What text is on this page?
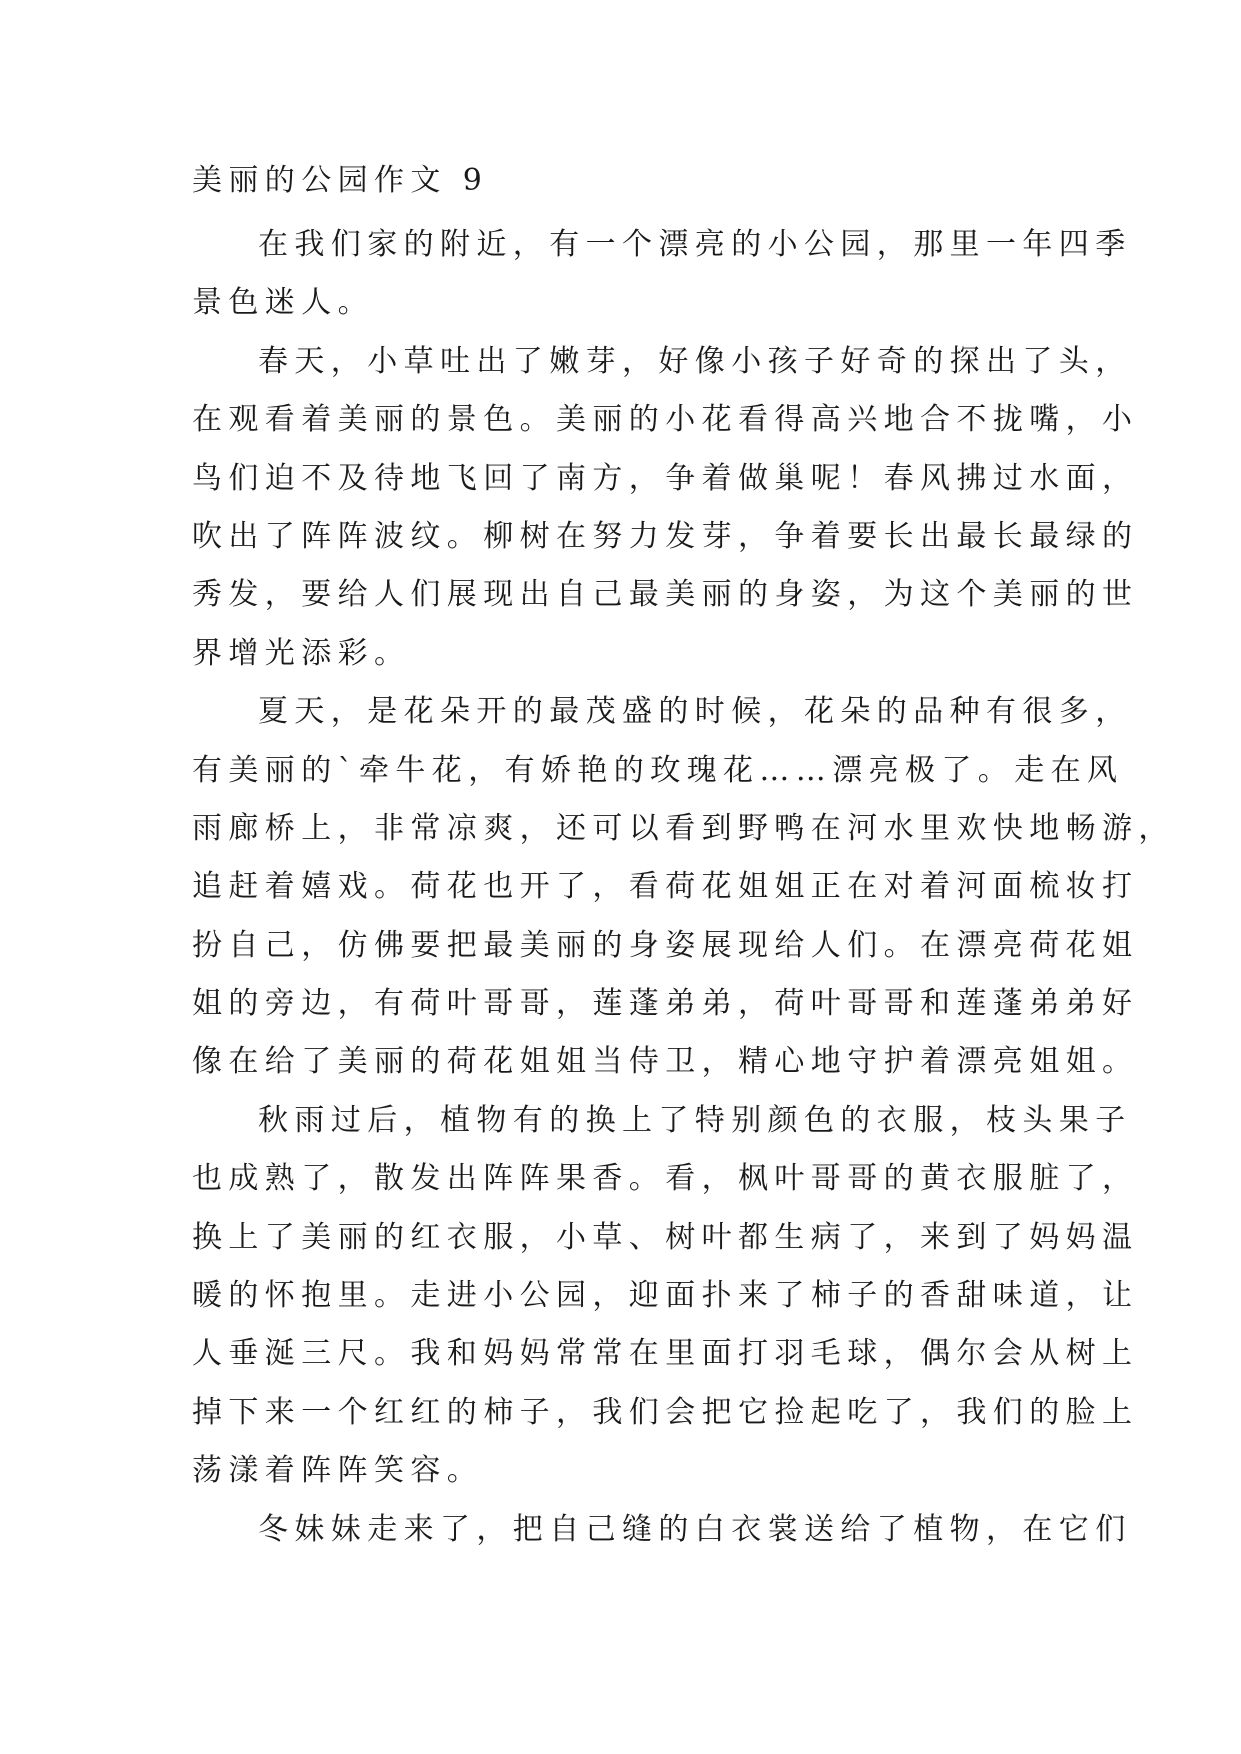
美丽的公园作文 9
在我们家的附近，有一个漂亮的小公园，那里一年四季
景色迷人。
春天，小草吐出了嫩芽，好像小孩子好奇的探出了头，
在观看着美丽的景色。美丽的小花看得高兴地合不拢嘴，小
鸟们迫不及待地飞回了南方，争着做巢呢！春风拂过水面，
吹出了阵阵波纹。柳树在努力发芽，争着要长出最长最绿的
秀发，要给人们展现出自己最美丽的身姿，为这个美丽的世
界增光添彩。
夏天，是花朵开的最茂盛的时候，花朵的品种有很多，
有美丽的`牵牛花，有娇艳的玫瑰花……漂亮极了。走在风
雨廊桥上，非常凉爽，还可以看到野鸭在河水里欢快地畅游，
追赶着嬉戏。荷花也开了，看荷花姐姐正在对着河面梳妆打
扮自己，仿佛要把最美丽的身姿展现给人们。在漂亮荷花姐
姐的旁边，有荷叶哥哥，莲蓬弟弟，荷叶哥哥和莲蓬弟弟好
像在给了美丽的荷花姐姐当侍卫，精心地守护着漂亮姐姐。
秋雨过后，植物有的换上了特别颜色的衣服，枝头果子
也成熟了，散发出阵阵果香。看，枫叶哥哥的黄衣服脏了，
换上了美丽的红衣服，小草、树叶都生病了，来到了妈妈温
暖的怀抱里。走进小公园，迎面扑来了柿子的香甜味道，让
人垂涎三尺。我和妈妈常常在里面打羽毛球，偶尔会从树上
掉下来一个红红的柿子，我们会把它捡起吃了，我们的脸上
荡漾着阵阵笑容。
冬妹妹走来了，把自己缝的白衣裳送给了植物，在它们
